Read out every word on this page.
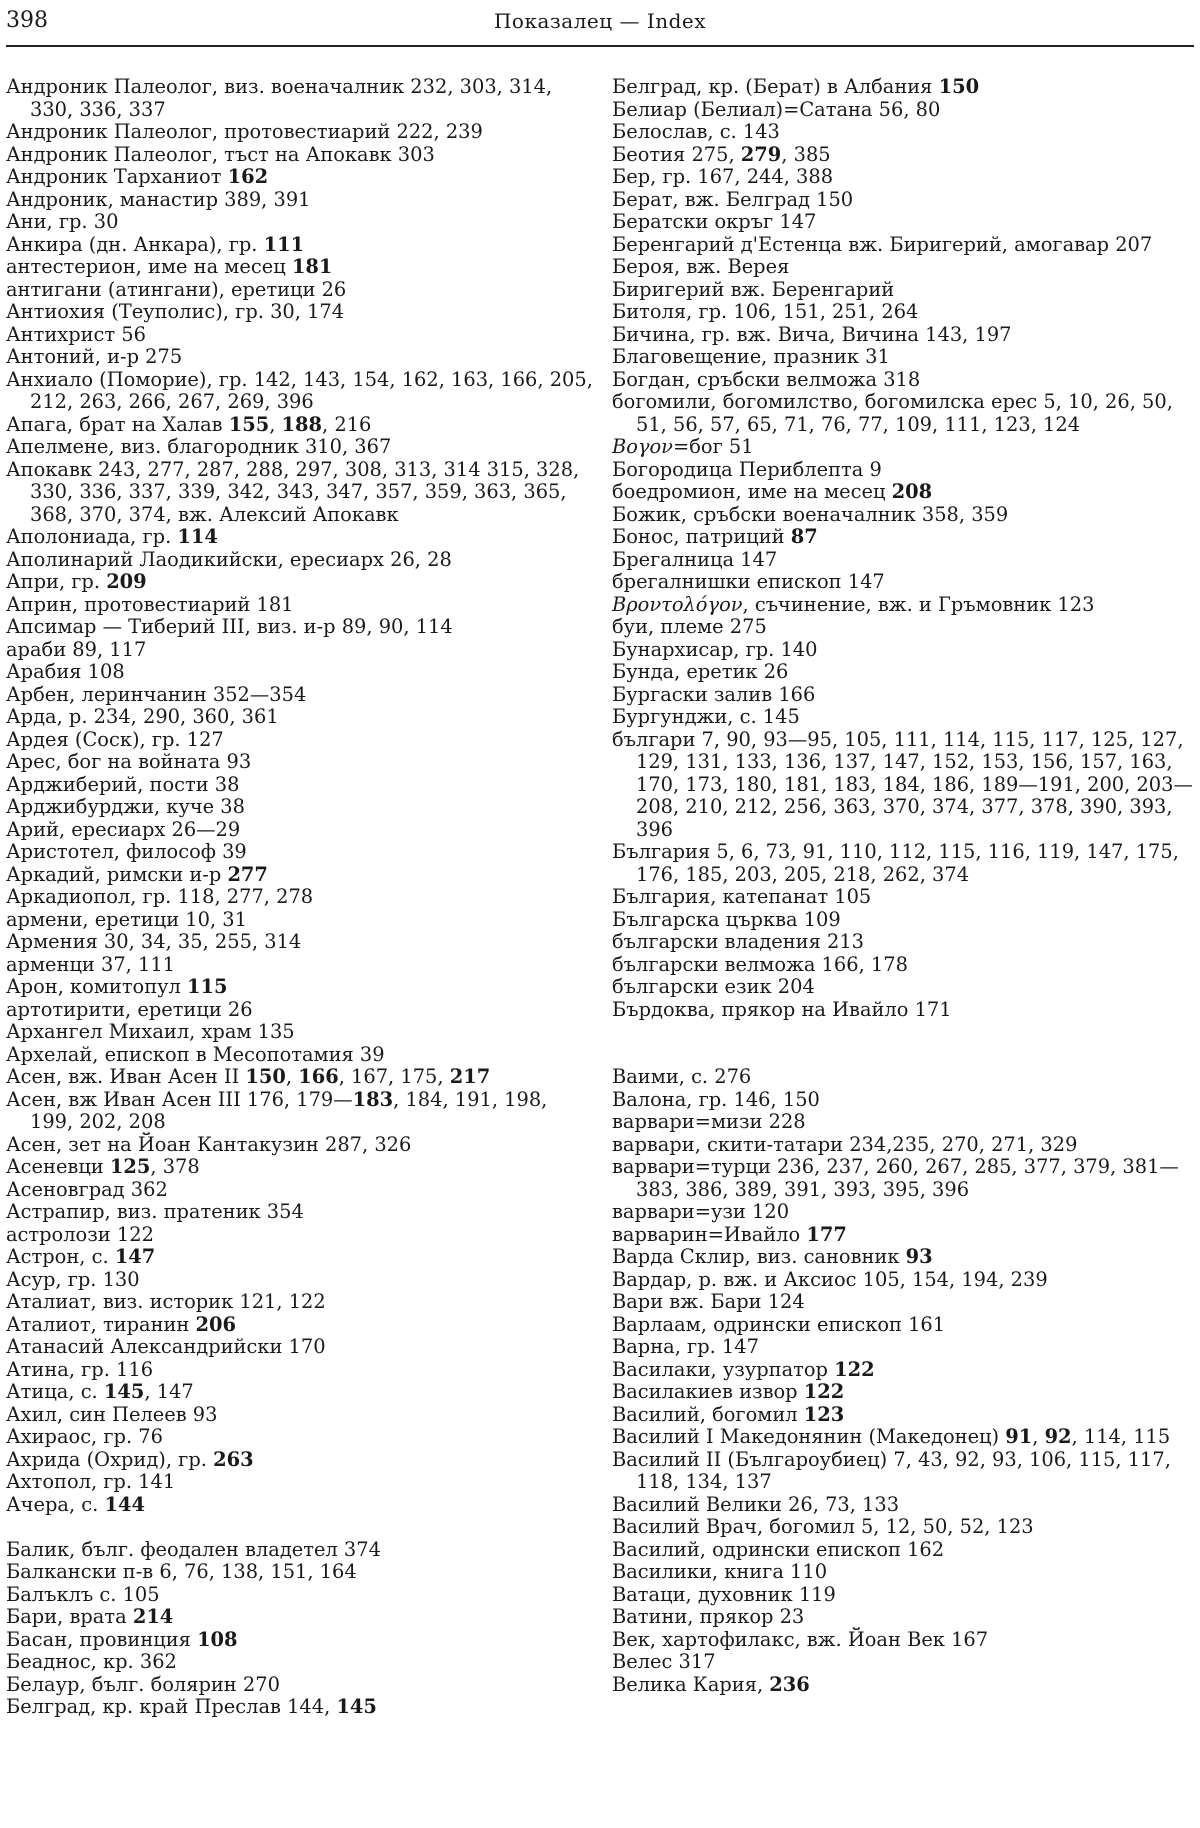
398	Показалец — Index
Андроник Палеолог, виз. военачалник 232, 303, 314, 330, 336, 337
Андроник Палеолог, протовестиарий 222, 239
Андроник Палеолог, тъст на Апокавк 303
Андроник Тарханиот 162
Андроник, манастир 389, 391
Ани, гр. 30
Анкира (дн. Анкара), гр. 111
антестерион, име на месец 181
антигани (атингани), еретици 26
Антиохия (Теуполис), гр. 30, 174
Антихрист 56
Антоний, и-р 275
Анхиало (Поморие), гр. 142, 143, 154, 162, 163, 166, 205, 212, 263, 266, 267, 269, 396
Апага, брат на Халав 155, 188, 216
Апелмене, виз. благородник 310, 367
Апокавк 243, 277, 287, 288, 297, 308, 313, 314 315, 328, 330, 336, 337, 339, 342, 343, 347, 357, 359, 363, 365, 368, 370, 374, вж. Алексий Апокавк
Аполониада, гр. 114
Аполинарий Лаодикийски, ересиарх 26, 28
Апри, гр. 209
Априн, протовестиарий 181
Апсимар — Тиберий III, виз. и-р 89, 90, 114
араби 89, 117
Арабия 108
Арбен, леринчанин 352—354
Арда, р. 234, 290, 360, 361
Ардея (Соск), гр. 127
Арес, бог на войната 93
Арджиберий, пости 38
Арджибурджи, куче 38
Арий, ересиарх 26—29
Аристотел, философ 39
Аркадий, римски и-р 277
Аркадиопол, гр. 118, 277, 278
армени, еретици 10, 31
Армения 30, 34, 35, 255, 314
арменци 37, 111
Арон, комитопул 115
артотирити, еретици 26
Архангел Михаил, храм 135
Архелай, епископ в Месопотамия 39
Асен, вж. Иван Асен II 150, 166, 167, 175, 217
Асен, вж Иван Асен III 176, 179—183, 184, 191, 198, 199, 202, 208
Асен, зет на Йоан Кантакузин 287, 326
Асеневци 125, 378
Асеновград 362
Астрапир, виз. пратеник 354
астролози 122
Астрон, с. 147
Асур, гр. 130
Аталиат, виз. историк 121, 122
Аталиот, тиранин 206
Атанасий Александрийски 170
Атина, гр. 116
Атица, с. 145, 147
Ахил, син Пелеев 93
Ахираос, гр. 76
Ахрида (Охрид), гр. 263
Ахтопол, гр. 141
Ачера, с. 144
Балик, бълг. феодален владетел 374
Балкански п-в 6, 76, 138, 151, 164
Балъклъ с. 105
Бари, врата 214
Басан, провинция 108
Беаднос, кр. 362
Белаур, бълг. болярин 270
Белград, кр. край Преслав 144, 145
Белград, кр. (Берат) в Албания 150
Белиар (Белиал)=Сатана 56, 80
Белослав, с. 143
Беотия 275, 279, 385
Бер, гр. 167, 244, 388
Берат, вж. Белград 150
Бератски окръг 147
Беренгарий д'Естенца вж. Биригерий, амогавар 207
Бероя, вж. Верея
Биригерий вж. Беренгарий
Битоля, гр. 106, 151, 251, 264
Бичина, гр. вж. Вича, Вичина 143, 197
Благовещение, празник 31
Богдан, сръбски велможа 318
богомили, богомилство, богомилска ерес 5, 10, 26, 50, 51, 56, 57, 65, 71, 76, 77, 109, 111, 123, 124
Βογον=бог 51
Богородица Периблепта 9
боедромион, име на месец 208
Божик, сръбски военачалник 358, 359
Бонос, патриций 87
Брегалница 147
брегалнишки епископ 147
Βροντολόγον, съчинение, вж. и Гръмовник 123
буи, племе 275
Бунархисар, гр. 140
Бунда, еретик 26
Бургаски залив 166
Бургунджи, с. 145
българи 7, 90, 93—95, 105, 111, 114, 115, 117, 125, 127, 129, 131, 133, 136, 137, 147, 152, 153, 156, 157, 163, 170, 173, 180, 181, 183, 184, 186, 189—191, 200, 203—208, 210, 212, 256, 363, 370, 374, 377, 378, 390, 393, 396
България 5, 6, 73, 91, 110, 112, 115, 116, 119, 147, 175, 176, 185, 203, 205, 218, 262, 374
България, катепанат 105
Българска църква 109
български владения 213
български велможа 166, 178
български език 204
Бърдоква, прякор на Ивайло 171
Ваими, с. 276
Валона, гр. 146, 150
варвари=мизи 228
варвари, скити-татари 234,235, 270, 271, 329
варвари=турци 236, 237, 260, 267, 285, 377, 379, 381—383, 386, 389, 391, 393, 395, 396
варвари=узи 120
варварин=Ивайло 177
Варда Склир, виз. сановник 93
Вардар, р. вж. и Аксиос 105, 154, 194, 239
Вари вж. Бари 124
Варлаам, одрински епископ 161
Варна, гр. 147
Василаки, узурпатор 122
Василакиев извор 122
Василий, богомил 123
Василий I Македонянин (Македонец) 91, 92, 114, 115
Василий II (Българоубиец) 7, 43, 92, 93, 106, 115, 117, 118, 134, 137
Василий Велики 26, 73, 133
Василий Врач, богомил 5, 12, 50, 52, 123
Василий, одрински епископ 162
Василики, книга 110
Ватаци, духовник 119
Ватини, прякор 23
Век, хартофилакс, вж. Йоан Век 167
Велес 317
Велика Кария, 236
